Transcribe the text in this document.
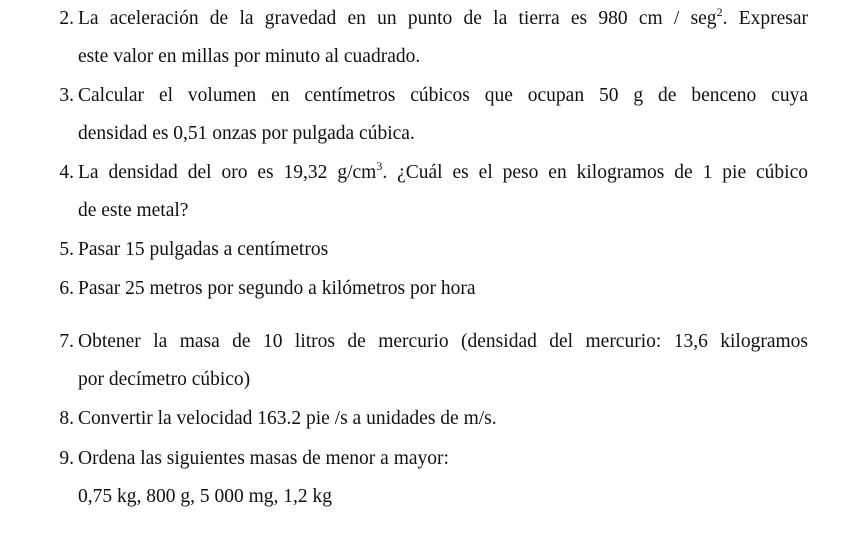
2. La aceleración de la gravedad en un punto de la tierra es 980 cm / seg$^2$. Expresar
este valor en millas por minuto al cuadrado.
3. Calcular el volumen en centímetros cúbicos que ocupan 50 g de benceno cuya
densidad es 0,51 onzas por pulgada cúbica.
4. La densidad del oro es 19,32 $g/cm^3$. ¿Cuál es el peso en kilogramos de 1 pie cúbico
de este metal?
5. Pasar 15 pulgadas a centímetros
6. Pasar 25 metros por segundo a kilómetros por hora
7. Obtener la masa de 10 litros de mercurio (densidad del mercurio: 13,6 kilogramos
por decímetro cúbico)
8. Convertir la velocidad 163.2 pie /s a unidades de m/s.
9. Ordena las siguientes masas de menor a mayor:
0,75 kg, 800 g, 5 000 mg, 1,2 kg
